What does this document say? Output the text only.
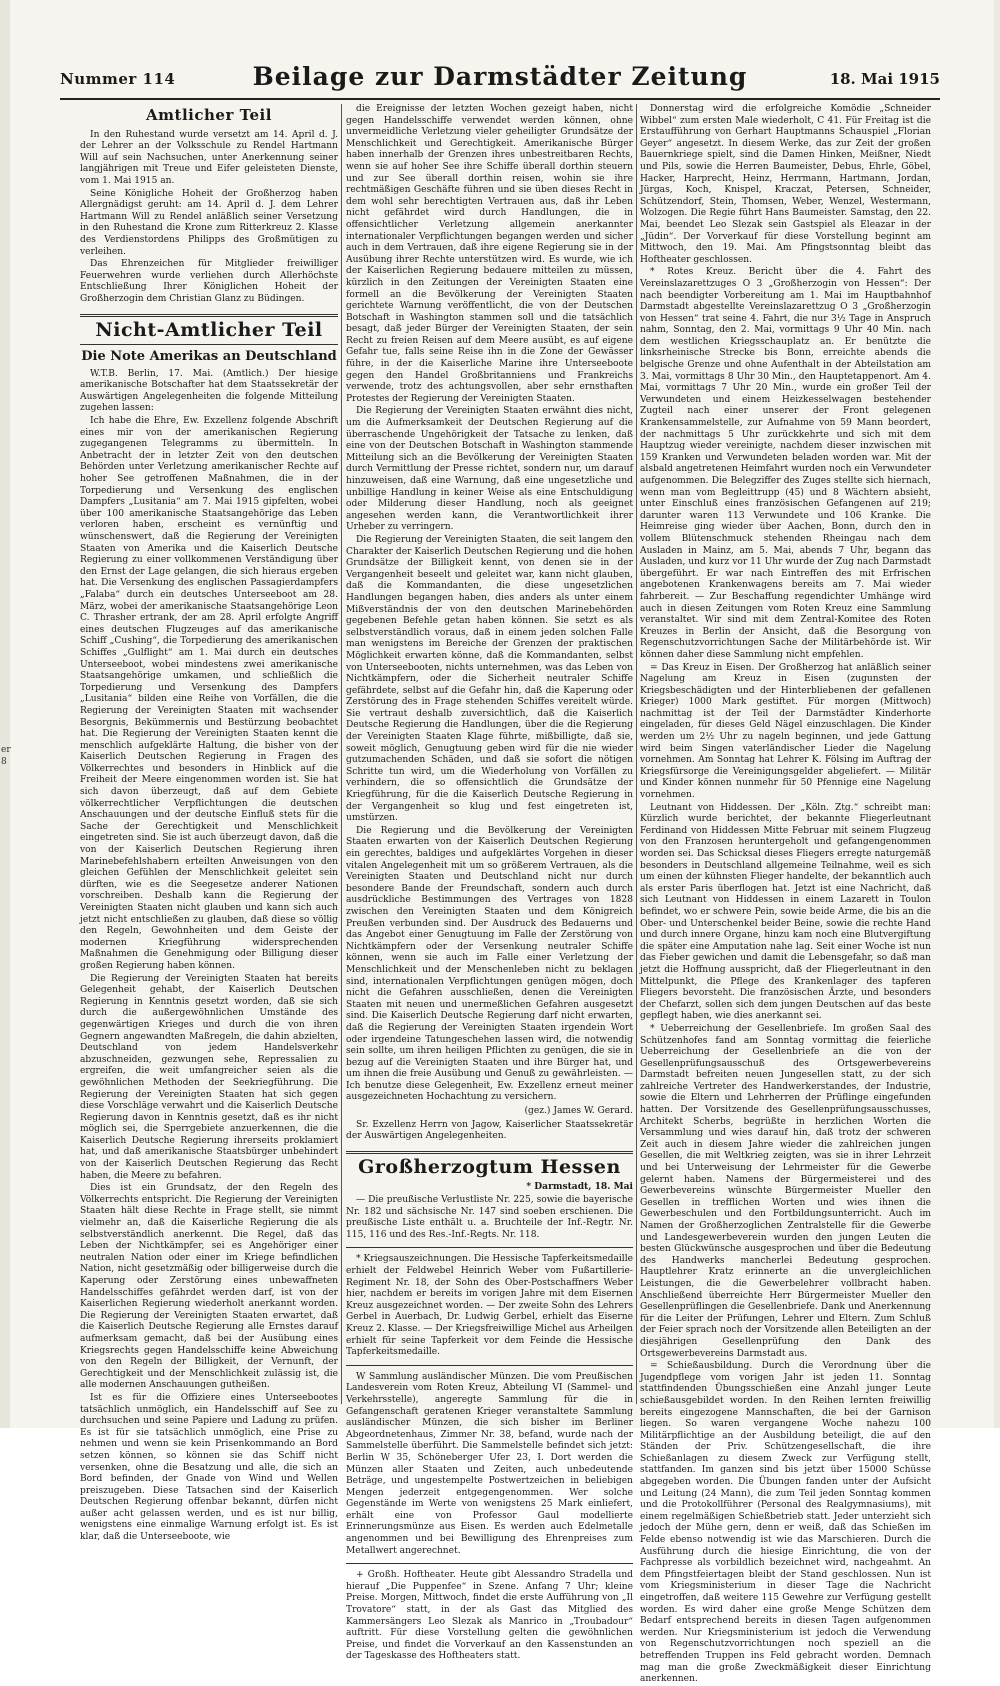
er
8
Nummer 114	Beilage zur Darmstädter Zeitung	18. Mai 1915
Amtlicher Teil

In den Ruhestand wurde versetzt am 14. April d. J. der Lehrer an der Volksschule zu Rendel Hartmann Will auf sein Nachsuchen, unter Anerkennung seiner langjährigen mit Treue und Eifer geleisteten Dienste, vom 1. Mai 1915 an.

Seine Königliche Hoheit der Großherzog haben Allergnädigst geruht: am 14. April d. J. dem Lehrer Hartmann Will zu Rendel anläßlich seiner Versetzung in den Ruhestand die Krone zum Ritterkreuz 2. Klasse des Verdienstordens Philipps des Großmütigen zu verleihen.

Das Ehrenzeichen für Mitglieder freiwilliger Feuerwehren wurde verliehen durch Allerhöchste Entschließung Ihrer Königlichen Hoheit der Großherzogin dem Christian Glanz zu Büdingen.

Nicht-Amtlicher Teil
Die Note Amerikas an Deutschland

W.T.B. Berlin, 17. Mai. (Amtlich.) Der hiesige amerikanische Botschafter hat dem Staatssekretär der Auswärtigen Angelegenheiten die folgende Mitteilung zugehen lassen:

Ich habe die Ehre, Ew. Exzellenz folgende Abschrift eines mir von der amerikanischen Regierung zugegangenen Telegramms zu übermitteln. In Anbetracht der in letzter Zeit von den deutschen Behörden unter Verletzung amerikanischer Rechte auf hoher See getroffenen Maßnahmen, die in der Torpedierung und Versenkung des englischen Dampfers „Lusitania“ am 7. Mai 1915 gipfelten, wobei über 100 amerikanische Staatsangehörige das Leben verloren haben, erscheint es vernünftig und wünschenswert, daß die Regierung der Vereinigten Staaten von Amerika und die Kaiserlich Deutsche Regierung zu einer vollkommenen Verständigung über den Ernst der Lage gelangen, die sich hieraus ergeben hat. Die Versenkung des englischen Passagierdampfers „Falaba“ durch ein deutsches Unterseeboot am 28. März, wobei der amerikanische Staatsangehörige Leon C. Thrasher ertrank, der am 28. April erfolgte Angriff eines deutschen Flugzeuges auf das amerikanische Schiff „Cushing“, die Torpedierung des amerikanischen Schiffes „Gulflight“ am 1. Mai durch ein deutsches Unterseeboot, wobei mindestens zwei amerikanische Staatsangehörige umkamen, und schließlich die Torpedierung und Versenkung des Dampfers „Lusitania“ bilden eine Reihe von Vorfällen, die die Regierung der Vereinigten Staaten mit wachsender Besorgnis, Bekümmernis und Bestürzung beobachtet hat. Die Regierung der Vereinigten Staaten kennt die menschlich aufgeklärte Haltung, die bisher von der Kaiserlich Deutschen Regierung in Fragen des Völkerrechtes und besonders in Hinblick auf die Freiheit der Meere eingenommen worden ist. Sie hat sich davon überzeugt, daß auf dem Gebiete völkerrechtlicher Verpflichtungen die deutschen Anschauungen und der deutsche Einfluß stets für die Sache der Gerechtigkeit und Menschlichkeit eingetreten sind. Sie ist auch überzeugt davon, daß die von der Kaiserlich Deutschen Regierung ihren Marinebefehlshabern erteilten Anweisungen von den gleichen Gefühlen der Menschlichkeit geleitet sein dürften, wie es die Seegesetze anderer Nationen vorschreiben. Deshalb kann die Regierung der Vereinigten Staaten nicht glauben und kann sich auch jetzt nicht entschließen zu glauben, daß diese so völlig den Regeln, Gewohnheiten und dem Geiste der modernen Kriegführung widersprechenden Maßnahmen die Genehmigung oder Billigung dieser großen Regierung haben können.

Die Regierung der Vereinigten Staaten hat bereits Gelegenheit gehabt, der Kaiserlich Deutschen Regierung in Kenntnis gesetzt worden, daß sie sich durch die außergewöhnlichen Umstände des gegenwärtigen Krieges und durch die von ihren Gegnern angewandten Maßregeln, die dahin abzielten, Deutschland von jedem Handelsverkehr abzuschneiden, gezwungen sehe, Repressalien zu ergreifen, die weit umfangreicher seien als die gewöhnlichen Methoden der Seekriegführung. Die Regierung der Vereinigten Staaten hat sich gegen diese Vorschläge verwahrt und die Kaiserlich Deutsche Regierung davon in Kenntnis gesetzt, daß es ihr nicht möglich sei, die Sperrgebiete anzuerkennen, die die Kaiserlich Deutsche Regierung ihrerseits proklamiert hat, und daß amerikanische Staatsbürger unbehindert von der Kaiserlich Deutschen Regierung das Recht haben, die Meere zu befahren.

Dies ist ein Grundsatz, der den Regeln des Völkerrechts entspricht. Die Regierung der Vereinigten Staaten hält diese Rechte in Frage stellt, sie nimmt vielmehr an, daß die Kaiserliche Regierung die als selbstverständlich anerkennt. Die Regel, daß das Leben der Nichtkämpfer, sei es Angehöriger einer neutralen Nation oder einer im Kriege befindlichen Nation, nicht gesetzmäßig oder billigerweise durch die Kaperung oder Zerstörung eines unbewaffneten Handelsschiffes gefährdet werden darf, ist von der Kaiserlichen Regierung wiederholt anerkannt worden. Die Regierung der Vereinigten Staaten erwartet, daß die Kaiserlich Deutsche Regierung alle Ernstes darauf aufmerksam gemacht, daß bei der Ausübung eines Kriegsrechts gegen Handelsschiffe keine Abweichung von den Regeln der Billigkeit, der Vernunft, der Gerechtigkeit und der Menschlichkeit zulässig ist, die alle modernen Anschauungen gutheißen.

Ist es für die Offiziere eines Unterseebootes tatsächlich unmöglich, ein Handelsschiff auf See zu durchsuchen und seine Papiere und Ladung zu prüfen. Es ist für sie tatsächlich unmöglich, eine Prise zu nehmen und wenn sie kein Prisenkommando an Bord setzen können, so können sie das Schiff nicht versenken, ohne die Besatzung und alle, die sich an Bord befinden, der Gnade von Wind und Wellen preiszugeben. Diese Tatsachen sind der Kaiserlich Deutschen Regierung offenbar bekannt, dürfen nicht außer acht gelassen werden, und es ist nur billig, wenigstens eine einmalige Warnung erfolgt ist. Es ist klar, daß die Unterseeboote, wie

die Ereignisse der letzten Wochen gezeigt haben, nicht gegen Handelsschiffe verwendet werden können, ohne unvermeidliche Verletzung vieler geheiligter Grundsätze der Menschlichkeit und Gerechtigkeit. Amerikanische Bürger haben innerhalb der Grenzen ihres unbestreitbaren Rechts, wenn sie auf hoher See ihre Schiffe überall dorthin steuern und zur See überall dorthin reisen, wohin sie ihre rechtmäßigen Geschäfte führen und sie üben dieses Recht in dem wohl sehr berechtigten Vertrauen aus, daß ihr Leben nicht gefährdet wird durch Handlungen, die in offensichtlicher Verletzung allgemein anerkannter internationaler Verpflichtungen begangen werden und sicher auch in dem Vertrauen, daß ihre eigene Regierung sie in der Ausübung ihrer Rechte unterstützen wird. Es wurde, wie ich der Kaiserlichen Regierung bedauere mitteilen zu müssen, kürzlich in den Zeitungen der Vereinigten Staaten eine formell an die Bevölkerung der Vereinigten Staaten gerichtete Warnung veröffentlicht, die von der Deutschen Botschaft in Washington stammen soll und die tatsächlich besagt, daß jeder Bürger der Vereinigten Staaten, der sein Recht zu freien Reisen auf dem Meere ausübt, es auf eigene Gefahr tue, falls seine Reise ihn in die Zone der Gewässer führe, in der die Kaiserliche Marine ihre Unterseeboote gegen den Handel Großbritanniens und Frankreichs verwende, trotz des achtungsvollen, aber sehr ernsthaften Protestes der Regierung der Vereinigten Staaten.

Die Regierung der Vereinigten Staaten erwähnt dies nicht, um die Aufmerksamkeit der Deutschen Regierung auf die überraschende Ungehörigkeit der Tatsache zu lenken, daß eine von der Deutschen Botschaft in Washington stammende Mitteilung sich an die Bevölkerung der Vereinigten Staaten durch Vermittlung der Presse richtet, sondern nur, um darauf hinzuweisen, daß eine Warnung, daß eine ungesetzliche und unbillige Handlung in keiner Weise als eine Entschuldigung oder Milderung dieser Handlung, noch als geeignet angesehen werden kann, die Verantwortlichkeit ihrer Urheber zu verringern.

Die Regierung der Vereinigten Staaten, die seit langem den Charakter der Kaiserlich Deutschen Regierung und die hohen Grundsätze der Billigkeit kennt, von denen sie in der Vergangenheit beseelt und geleitet war, kann nicht glauben, daß die Kommandanten, die diese ungesetzlichen Handlungen begangen haben, dies anders als unter einem Mißverständnis der von den deutschen Marinebehörden gegebenen Befehle getan haben können. Sie setzt es als selbstverständlich voraus, daß in einem jeden solchen Falle man wenigstens im Bereiche der Grenzen der praktischen Möglichkeit erwarten könne, daß die Kommandanten, selbst von Unterseebooten, nichts unternehmen, was das Leben von Nichtkämpfern, oder die Sicherheit neutraler Schiffe gefährdete, selbst auf die Gefahr hin, daß die Kaperung oder Zerstörung des in Frage stehenden Schiffes vereitelt würde. Sie vertraut deshalb zuversichtlich, daß die Kaiserlich Deutsche Regierung die Handlungen, über die die Regierung der Vereinigten Staaten Klage führte, mißbilligte, daß sie, soweit möglich, Genugtuung geben wird für die nie wieder gutzumachenden Schäden, und daß sie sofort die nötigen Schritte tun wird, um die Wiederholung von Vorfällen zu verhindern, die so offensichtlich die Grundsätze der Kriegführung, für die die Kaiserlich Deutsche Regierung in der Vergangenheit so klug und fest eingetreten ist, umstürzen.

Die Regierung und die Bevölkerung der Vereinigten Staaten erwarten von der Kaiserlich Deutschen Regierung ein gerechtes, baldiges und aufgeklärtes Vorgehen in dieser vitalen Angelegenheit mit um so größerem Vertrauen, als die Vereinigten Staaten und Deutschland nicht nur durch besondere Bande der Freundschaft, sondern auch durch ausdrückliche Bestimmungen des Vertrages von 1828 zwischen den Vereinigten Staaten und dem Königreich Preußen verbunden sind. Der Ausdruck des Bedauerns und das Angebot einer Genugtuung im Falle der Zerstörung von Nichtkämpfern oder der Versenkung neutraler Schiffe können, wenn sie auch im Falle einer Verletzung der Menschlichkeit und der Menschenleben nicht zu beklagen sind, internationalen Verpflichtungen genügen mögen, doch nicht die Gefahren ausschließen, denen die Vereinigten Staaten mit neuen und unermeßlichen Gefahren ausgesetzt sind. Die Kaiserlich Deutsche Regierung darf nicht erwarten, daß die Regierung der Vereinigten Staaten irgendein Wort oder irgendeine Tatungeschehen lassen wird, die notwendig sein sollte, um ihren heiligen Pflichten zu genügen, die sie in bezug auf die Vereinigten Staaten und ihre Bürger hat, und um ihnen die freie Ausübung und Genuß zu gewährleisten. — Ich benutze diese Gelegenheit, Ew. Exzellenz erneut meiner ausgezeichneten Hochachtung zu versichern.

(gez.) James W. Gerard.

Sr. Exzellenz Herrn von Jagow, Kaiserlicher Staatssekretär der Auswärtigen Angelegenheiten.

Großherzogtum Hessen
* Darmstadt, 18. Mai

— Die preußische Verlustliste Nr. 225, sowie die bayerische Nr. 182 und sächsische Nr. 147 sind soeben erschienen. Die preußische Liste enthält u. a. Bruchteile der Inf.-Regtr. Nr. 115, 116 und des Res.-Inf.-Regts. Nr. 118.

* Kriegsauszeichnungen. Die Hessische Tapferkeitsmedaille erhielt der Feldwebel Heinrich Weber vom Fußartillerie-Regiment Nr. 18, der Sohn des Ober-Postschaffners Weber hier, nachdem er bereits im vorigen Jahre mit dem Eisernen Kreuz ausgezeichnet worden. — Der zweite Sohn des Lehrers Gerbel in Auerbach, Dr. Ludwig Gerbel, erhielt das Eiserne Kreuz 2. Klasse. — Der Kriegsfreiwillige Michel aus Arheilgen erhielt für seine Tapferkeit vor dem Feinde die Hessische Tapferkeitsmedaille.

W Sammlung ausländischer Münzen. Die vom Preußischen Landesverein vom Roten Kreuz, Abteilung VI (Sammel- und Verkehrsstelle), angeregte Sammlung für die in Gefangenschaft geratenen Krieger veranstaltete Sammlung ausländischer Münzen, die sich bisher im Berliner Abgeordnetenhaus, Zimmer Nr. 38, befand, wurde nach der Sammelstelle überführt. Die Sammelstelle befindet sich jetzt: Berlin W 35, Schöneberger Ufer 23, I. Dort werden die Münzen aller Staaten und Zeiten, auch unbedeutende Beträge, und ungestempelte Postwertzeichen in beliebigen Mengen jederzeit entgegengenommen. Wer solche Gegenstände im Werte von wenigstens 25 Mark einliefert, erhält eine von Professor Gaul modellierte Erinnerungsmünze aus Eisen. Es werden auch Edelmetalle angenommen und bei Bewilligung des Ehrenpreises zum Metallwert angerechnet.

+ Großh. Hoftheater. Heute gibt Alessandro Stradella und hierauf „Die Puppenfee“ in Szene. Anfang 7 Uhr; kleine Preise. Morgen, Mittwoch, findet die erste Aufführung von „Il Trovatore“ statt, in der als Gast das Mitglied des Kammersängers Leo Slezak als Manrico in „Troubadour“ auftritt. Für diese Vorstellung gelten die gewöhnlichen Preise, und findet die Vorverkauf an den Kassenstunden an der Tageskasse des Hoftheaters statt.

Donnerstag wird die erfolgreiche Komödie „Schneider Wibbel“ zum ersten Male wiederholt, C 41. Für Freitag ist die Erstaufführung von Gerhart Hauptmanns Schauspiel „Florian Geyer“ angesetzt. In diesem Werke, das zur Zeit der großen Bauernkriege spielt, sind die Damen Hinken, Meißner, Niedt und Pils, sowie die Herren Baumeister, Debus, Ehrle, Göbel, Hacker, Harprecht, Heinz, Herrmann, Hartmann, Jordan, Jürgas, Koch, Knispel, Kraczat, Petersen, Schneider, Schützendorf, Stein, Thomsen, Weber, Wenzel, Westermann, Wolzogen. Die Regie führt Hans Baumeister. Samstag, den 22. Mai, beendet Leo Slezak sein Gastspiel als Eleazar in der „Jüdin“. Der Vorverkauf für diese Vorstellung beginnt am Mittwoch, den 19. Mai. Am Pfingstsonntag bleibt das Hoftheater geschlossen.

* Rotes Kreuz. Bericht über die 4. Fahrt des Vereinslazarettzuges O 3 „Großherzogin von Hessen“: Der nach beendigter Vorbereitung am 1. Mai im Hauptbahnhof Darmstadt abgestellte Vereinslazarettzug O 3 „Großherzogin von Hessen“ trat seine 4. Fahrt, die nur 3½ Tage in Anspruch nahm, Sonntag, den 2. Mai, vormittags 9 Uhr 40 Min. nach dem westlichen Kriegsschauplatz an. Er benützte die linksrheinische Strecke bis Bonn, erreichte abends die belgische Grenze und ohne Aufenthalt in der Abteilstation am 3. Mai, vormittags 8 Uhr 30 Min., den Hauptetappenort. Am 4. Mai, vormittags 7 Uhr 20 Min., wurde ein großer Teil der Verwundeten und einem Heizkesselwagen bestehender Zugteil nach einer unserer der Front gelegenen Krankensammelstelle, zur Aufnahme von 59 Mann beordert, der nachmittags 5 Uhr zurückkehrte und sich mit dem Hauptzug wieder vereinigte, nachdem dieser inzwischen mit 159 Kranken und Verwundeten beladen worden war. Mit der alsbald angetretenen Heimfahrt wurden noch ein Verwundeter aufgenommen. Die Belegziffer des Zuges stellte sich hiernach, wenn man vom Begleittrupp (45) und 8 Wächtern absieht, unter Einschluß eines französischen Gefangenen auf 219; darunter waren 113 Verwundete und 106 Kranke. Die Heimreise ging wieder über Aachen, Bonn, durch den in vollem Blütenschmuck stehenden Rheingau nach dem Ausladen in Mainz, am 5. Mai, abends 7 Uhr, begann das Ausladen, und kurz vor 11 Uhr wurde der Zug nach Darmstadt übergeführt. Er war nach Eintreffen des mit Erfrischen angebotenen Krankenwagens bereits am 7. Mai wieder fahrbereit. — Zur Beschaffung regendichter Umhänge wird auch in diesen Zeitungen vom Roten Kreuz eine Sammlung veranstaltet. Wir sind mit dem Zentral-Komitee des Roten Kreuzes in Berlin der Ansicht, daß die Besorgung von Regenschutzvorrichtungen Sache der Militärbehörde ist. Wir können daher diese Sammlung nicht empfehlen.

= Das Kreuz in Eisen. Der Großherzog hat anläßlich seiner Nagelung am Kreuz in Eisen (zugunsten der Kriegsbeschädigten und der Hinterbliebenen der gefallenen Krieger) 1000 Mark gestiftet. Für morgen (Mittwoch) nachmittag ist der Teil der Darmstädter Kinderhorte eingeladen, für dieses Geld Nägel einzuschlagen. Die Kinder werden um 2½ Uhr zu nageln beginnen, und jede Gattung wird beim Singen vaterländischer Lieder die Nagelung vornehmen. Am Sonntag hat Lehrer K. Fölsing im Auftrag der Kriegsfürsorge die Vereinigungsgelder abgeliefert. — Militär und Kinder können nunmehr für 50 Pfennige eine Nagelung vornehmen.

Leutnant von Hiddessen. Der „Köln. Ztg.“ schreibt man: Kürzlich wurde berichtet, der bekannte Fliegerleutnant Ferdinand von Hiddessen Mitte Februar mit seinem Flugzeug von den Franzosen heruntergeholt und gefangengenommen worden sei. Das Schicksal dieses Fliegers erregte naturgemäß besonders in Deutschland allgemeine Teilnahme, weil es sich um einen der kühnsten Flieger handelte, der bekanntlich auch als erster Paris überflogen hat. Jetzt ist eine Nachricht, daß sich Leutnant von Hiddessen in einem Lazarett in Toulon befindet, wo er schwere Pein, sowie beide Arme, die bis an die Ober- und Unterschenkel beider Beine, sowie die rechte Hand und durch innere Organe, hinzu kam noch eine Blutvergiftung die später eine Amputation nahe lag. Seit einer Woche ist nun das Fieber gewichen und damit die Lebensgefahr, so daß man jetzt die Hoffnung ausspricht, daß der Fliegerleutnant in den Mittelpunkt, die Pflege des Krankenlager des tapferen Fliegers bevorsteht. Die französischen Ärzte, und besonders der Chefarzt, sollen sich dem jungen Deutschen auf das beste gepflegt haben, wie dies anerkannt sei.

* Ueberreichung der Gesellenbriefe. Im großen Saal des Schützenhofes fand am Sonntag vormittag die feierliche Ueberreichung der Gesellenbriefe an die von der Gesellenprüfungsausschuß des Ortsgewerbevereins Darmstadt befreiten neuen Jungesellen statt, zu der sich zahlreiche Vertreter des Handwerkerstandes, der Industrie, sowie die Eltern und Lehrherren der Prüflinge eingefunden hatten. Der Vorsitzende des Gesellenprüfungsausschusses, Architekt Scherbs, begrüßte in herzlichen Worten die Versammlung und wies darauf hin, daß trotz der schweren Zeit auch in diesem Jahre wieder die zahlreichen jungen Gesellen, die mit Weltkrieg zeigten, was sie in ihrer Lehrzeit und bei Unterweisung der Lehrmeister für die Gewerbe gelernt haben. Namens der Bürgermeisterei und des Gewerbevereins wünschte Bürgermeister Mueller den Gesellen in trefflichen Worten und wies ihnen die Gewerbeschulen und den Fortbildungsunterricht. Auch im Namen der Großherzoglichen Zentralstelle für die Gewerbe und Landesgewerbeverein wurden den jungen Leuten die besten Glückwünsche ausgesprochen und über die Bedeutung des Handwerks mancherlei Bedeutung gesprochen. Hauptlehrer Kratz erinnerte an die unvergleichlichen Leistungen, die die Gewerbelehrer vollbracht haben. Anschließend überreichte Herr Bürgermeister Mueller den Gesellenprüflingen die Gesellenbriefe. Dank und Anerkennung für die Leiter der Prüfungen, Lehrer und Eltern. Zum Schluß der Feier sprach noch der Vorsitzende allen Beteiligten an der diesjährigen Gesellenprüfung den Dank des Ortsgewerbevereins Darmstadt aus.

= Schießausbildung. Durch die Verordnung über die Jugendpflege vom vorigen Jahr ist jeden 11. Sonntag stattfindenden Übungsschießen eine Anzahl junger Leute schießausgebildet worden. In den Reihen lernten freiwillig bereits eingezogene Mannschaften, die bei der Garnison liegen. So waren vergangene Woche nahezu 100 Militärpflichtige an der Ausbildung beteiligt, die auf den Ständen der Priv. Schützengesellschaft, die ihre Schießanlagen zu diesem Zweck zur Verfügung stellt, stattfanden. Im ganzen sind bis jetzt über 15000 Schüsse abgegeben worden. Die Übungen fanden unter der Aufsicht und Leitung (24 Mann), die zum Teil jeden Sonntag kommen und die Protokollführer (Personal des Realgymnasiums), mit einem regelmäßigen Schießbetrieb statt. Jeder unterzieht sich jedoch der Mühe gern, denn er weiß, daß das Schießen im Felde ebenso notwendig ist wie das Marschieren. Durch die Ausführung durch die hiesige Einrichtung, die von der Fachpresse als vorbildlich bezeichnet wird, nachgeahmt. An dem Pfingstfeiertagen bleibt der Stand geschlossen. Nun ist vom Kriegsministerium in dieser Tage die Nachricht eingetroffen, daß weitere 115 Gewehre zur Verfügung gestellt worden. Es wird daher eine große Menge Schützen dem Bedarf entsprechend bereits in diesen Tagen aufgenommen werden. Nur Kriegsministerium ist jedoch die Verwendung von Regenschutzvorrichtungen noch speziell an die betreffenden Truppen ins Feld gebracht worden. Demnach mag man die große Zweckmäßigkeit dieser Einrichtung anerkennen.
